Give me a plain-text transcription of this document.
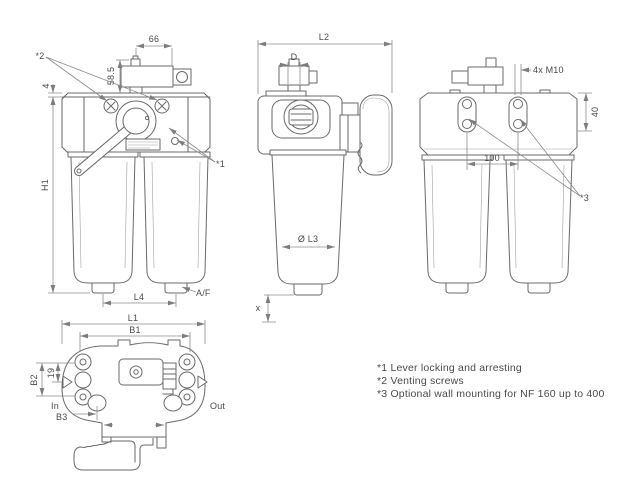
66
58.5
4
H1
L4	A/F
*2
*1
L2
D
Ø L3
x
4x M10
40
100
*3
L1
B1
B2
19
In	Out
B3
*1 Lever locking and arresting
*2 Venting screws
*3 Optional wall mounting for NF 160 up to 400
